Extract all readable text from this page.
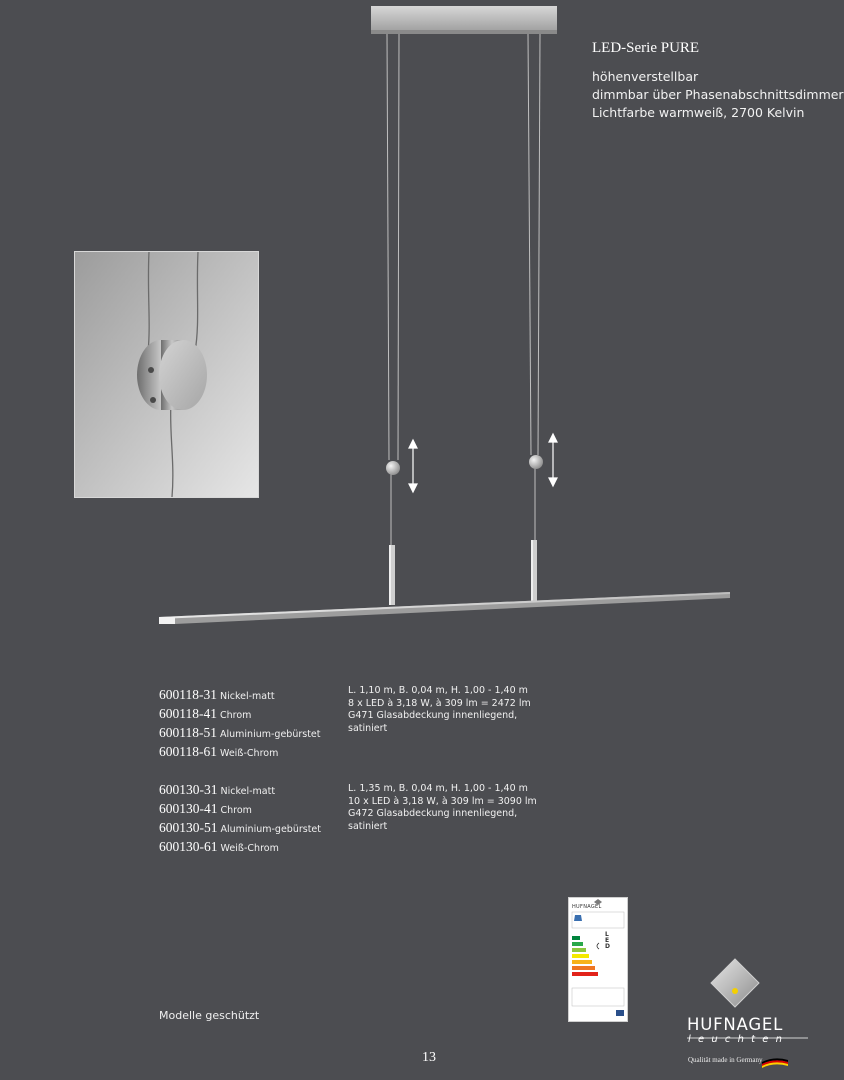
LED-Serie PURE
höhenverstellbar
dimmbar über Phasenabschnittsdimmer
Lichtfarbe warmweiß, 2700 Kelvin
600118-31 Nickel-matt
600118-41 Chrom
600118-51 Aluminium-gebürstet
600118-61 Weiß-Chrom
L. 1,10 m, B. 0,04 m, H. 1,00 - 1,40 m
8 x LED à 3,18 W, à 309 lm = 2472 lm
G471 Glasabdeckung innenliegend,
satiniert
600130-31 Nickel-matt
600130-41 Chrom
600130-51 Aluminium-gebürstet
600130-61 Weiß-Chrom
L. 1,35 m, B. 0,04 m, H. 1,00 - 1,40 m
10 x LED à 3,18 W, à 309 lm = 3090 lm
G472 Glasabdeckung innenliegend,
satiniert
HUFNAGEL
L
E
D
HUFNAGEL
leuchten
Qualität made in Germany
Modelle geschützt
13
